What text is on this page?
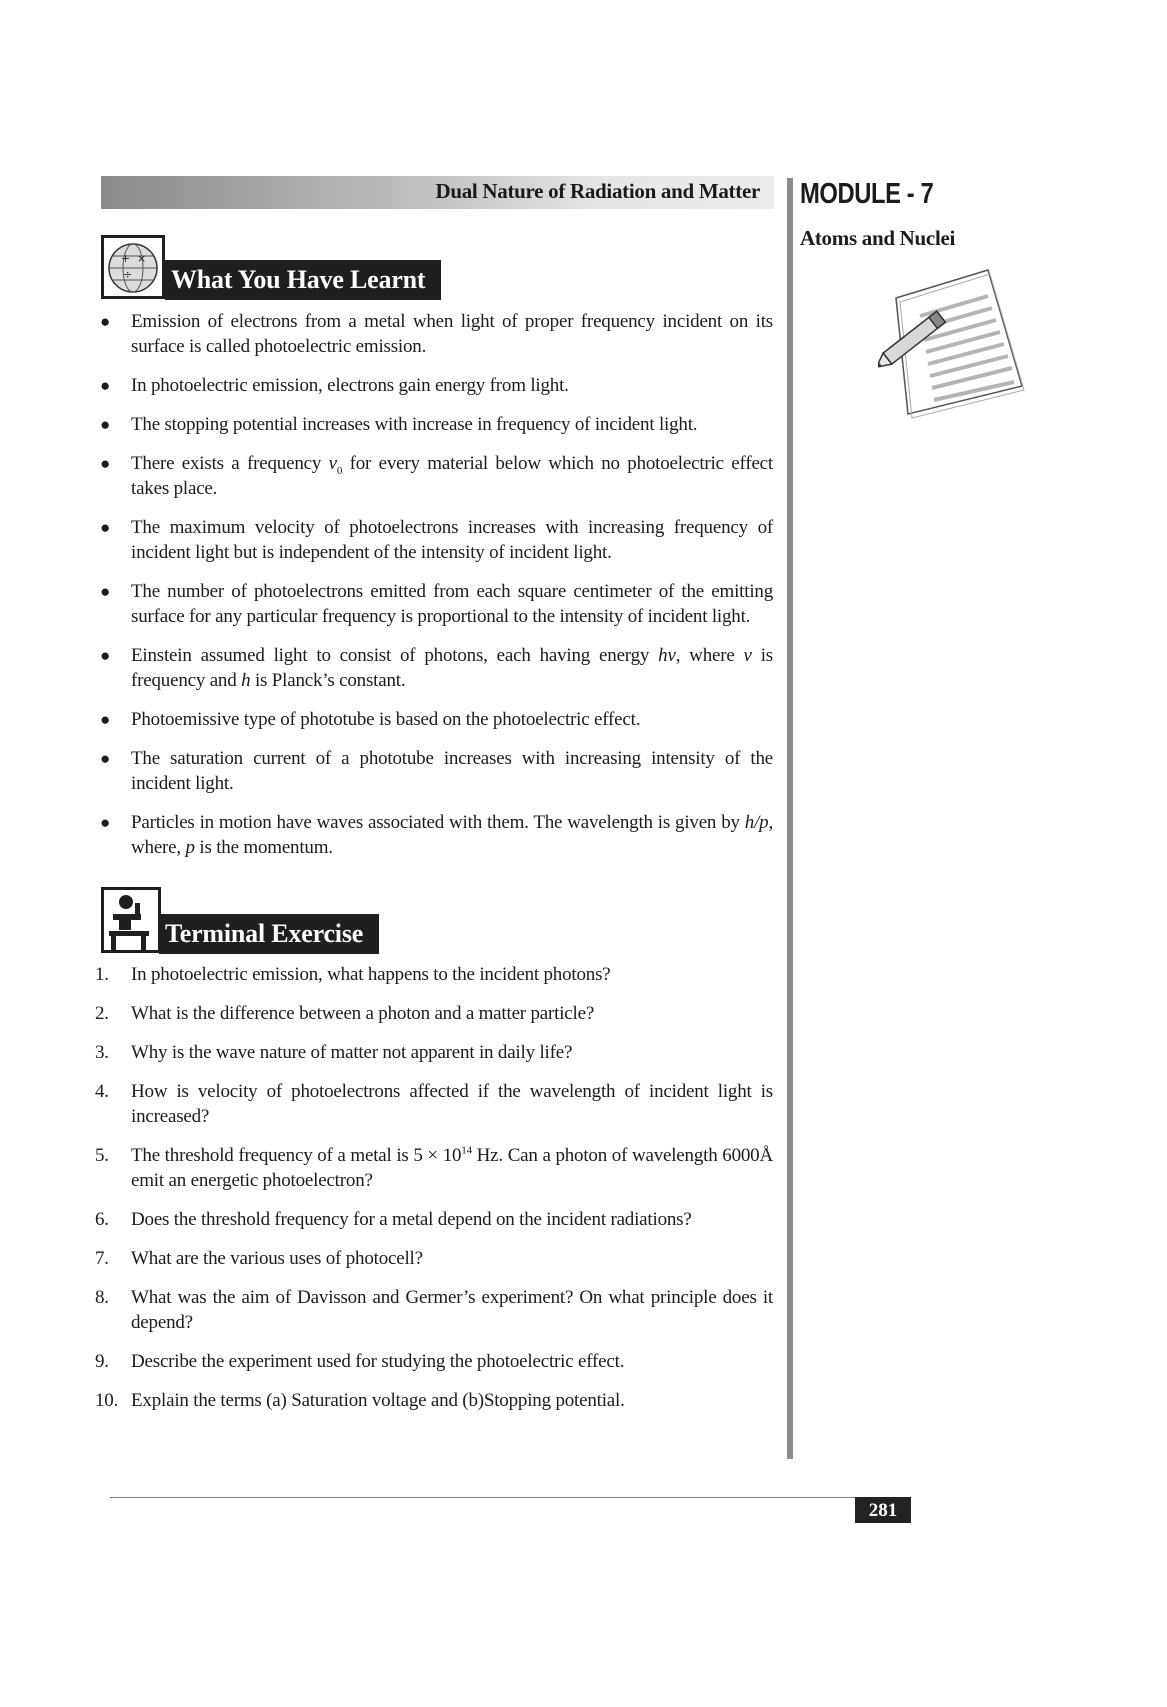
Dual Nature of Radiation and Matter MODULE - 7
Atoms and Nuclei
+ ×
÷ What You Have Learnt
● Emission of electrons from a metal when light of proper frequency incident on its surface is called photoelectric emission.
● In photoelectric emission, electrons gain energy from light.
● The stopping potential increases with increase in frequency of incident light.
● There exists a frequency $v_0$ for every material below which no photoelectric effect takes place.
● The maximum velocity of photoelectrons increases with increasing frequency of incident light but is independent of the intensity of incident light.
● The number of photoelectrons emitted from each square centimeter of the emitting surface for any particular frequency is proportional to the intensity of incident light.
● Einstein assumed light to consist of photons, each having energy hv, where v is frequency and h is Planck’s constant.
● Photoemissive type of phototube is based on the photoelectric effect.
● The saturation current of a phototube increases with increasing intensity of the incident light.
● Particles in motion have waves associated with them. The wavelength is given by h/p, where, p is the momentum.
Terminal Exercise
1. In photoelectric emission, what happens to the incident photons?
2. What is the difference between a photon and a matter particle?
3. Why is the wave nature of matter not apparent in daily life?
4. How is velocity of photoelectrons affected if the wavelength of incident light is increased?
5. The threshold frequency of a metal is $5 \times 10^{14}$ Hz. Can a photon of wavelength 6000Å emit an energetic photoelectron?
6. Does the threshold frequency for a metal depend on the incident radiations?
7. What are the various uses of photocell?
8. What was the aim of Davisson and Germer’s experiment? On what principle does it depend?
9. Describe the experiment used for studying the photoelectric effect.
10. Explain the terms (a) Saturation voltage and (b)Stopping potential.
281
